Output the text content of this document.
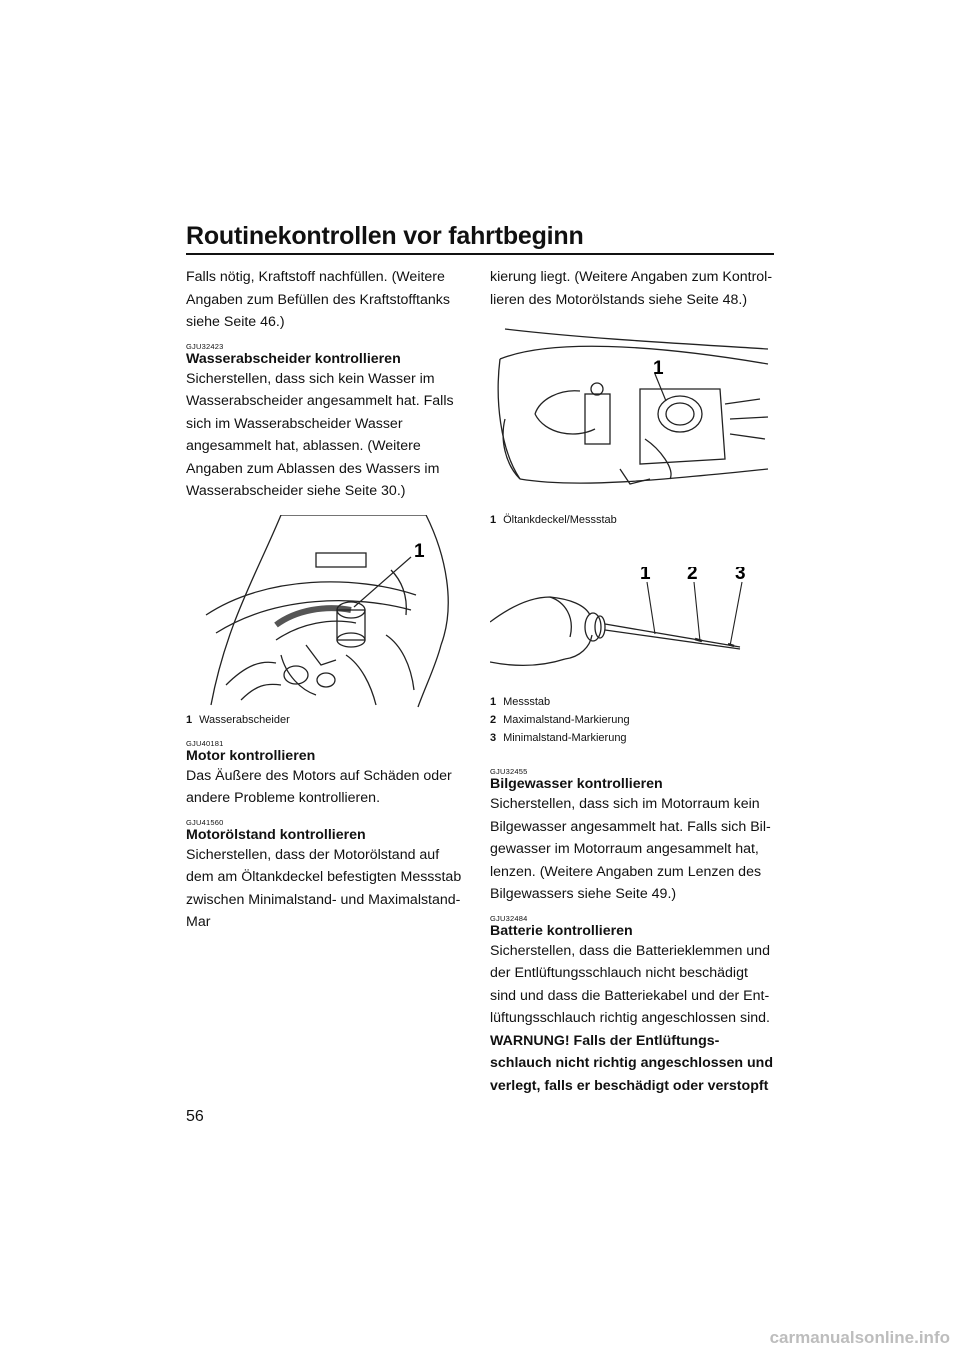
Routinekontrollen vor fahrtbeginn

Falls nötig, Kraftstoff nachfüllen. (Weitere Angaben zum Befüllen des Kraftstofftanks siehe Seite 46.)

GJU32423
Wasserabscheider kontrollieren

Sicherstellen, dass sich kein Wasser im Wasserabscheider angesammelt hat. Falls sich im Wasserabscheider Wasser angesammelt hat, ablassen. (Weitere Angaben zum Ablassen des Wassers im Wasserabscheider siehe Seite 30.)

1
1 Wasserabscheider
GJU40181
Motor kontrollieren

Das Äußere des Motors auf Schäden oder andere Probleme kontrollieren.

GJU41560
Motorölstand kontrollieren

Sicherstellen, dass der Motorölstand auf dem am Öltankdeckel befestigten Messstab zwischen Minimalstand- und Maximalstand-Mar

kierung liegt. (Weitere Angaben zum Kontrollieren des Motorölstands siehe Seite 48.)

1
1 Öltankdeckel/Messstab
1 2 3
1 Messstab
2 Maximalstand-Markierung
3 Minimalstand-Markierung
GJU32455
Bilgewasser kontrollieren

Sicherstellen, dass sich im Motorraum kein Bilgewasser angesammelt hat. Falls sich Bilgewasser im Motorraum angesammelt hat, lenzen. (Weitere Angaben zum Lenzen des Bilgewassers siehe Seite 49.)

GJU32484
Batterie kontrollieren

Sicherstellen, dass die Batterieklemmen und der Entlüftungsschlauch nicht beschädigt sind und dass die Batteriekabel und der Entlüftungsschlauch richtig angeschlossen sind. WARNUNG! Falls der Entlüftungsschlauch nicht richtig angeschlossen und verlegt, falls er beschädigt oder verstopft

56
carmanualsonline.info
